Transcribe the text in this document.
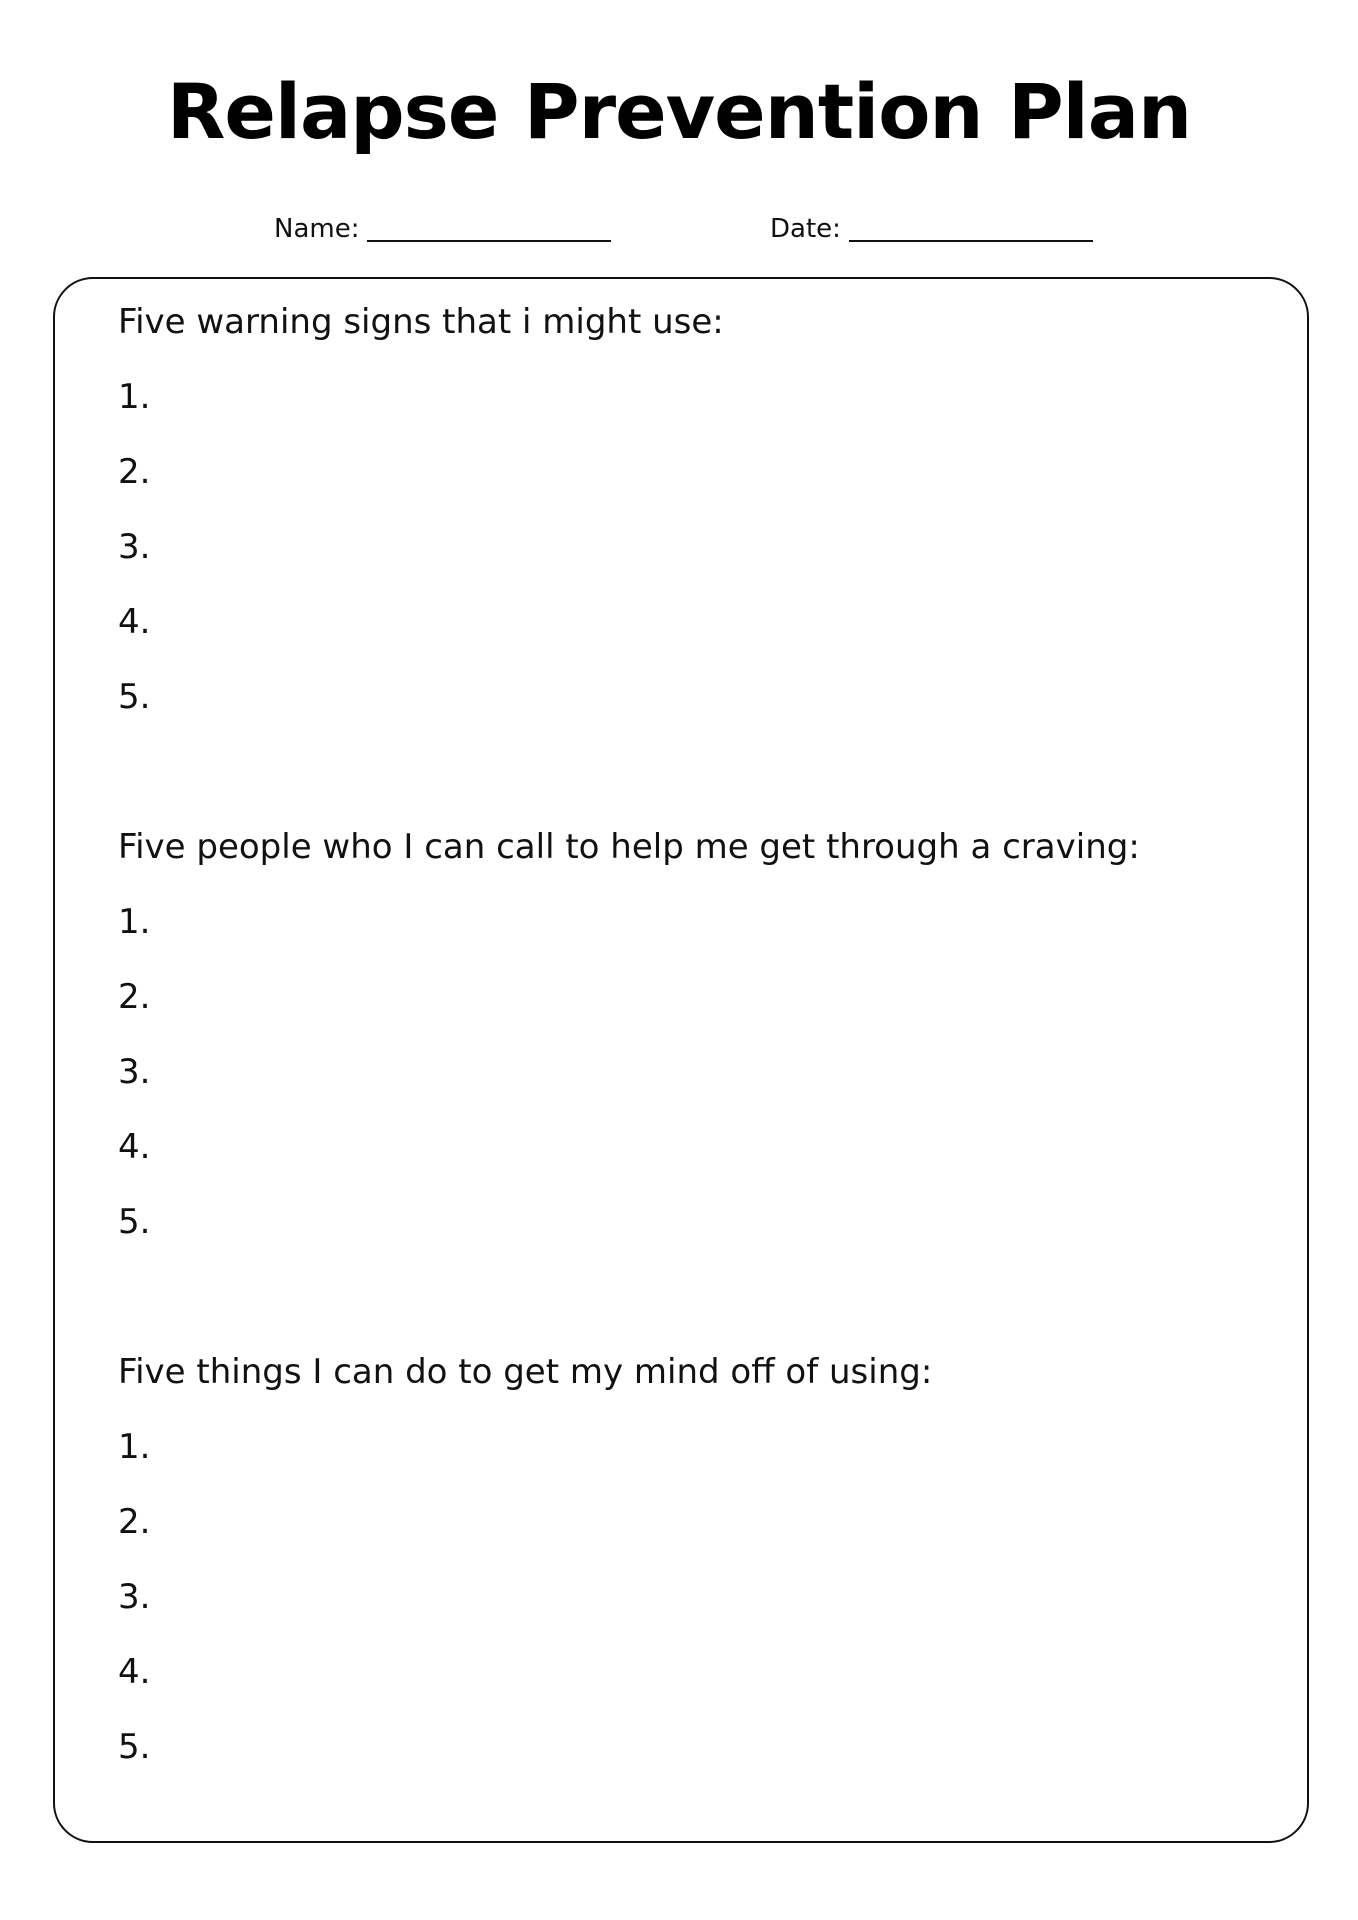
Relapse Prevention Plan
Name:	Date:
Five warning signs that i might use:
1.
2.
3.
4.
5.
Five people who I can call to help me get through a craving:
1.
2.
3.
4.
5.
Five things I can do to get my mind off of using:
1.
2.
3.
4.
5.
